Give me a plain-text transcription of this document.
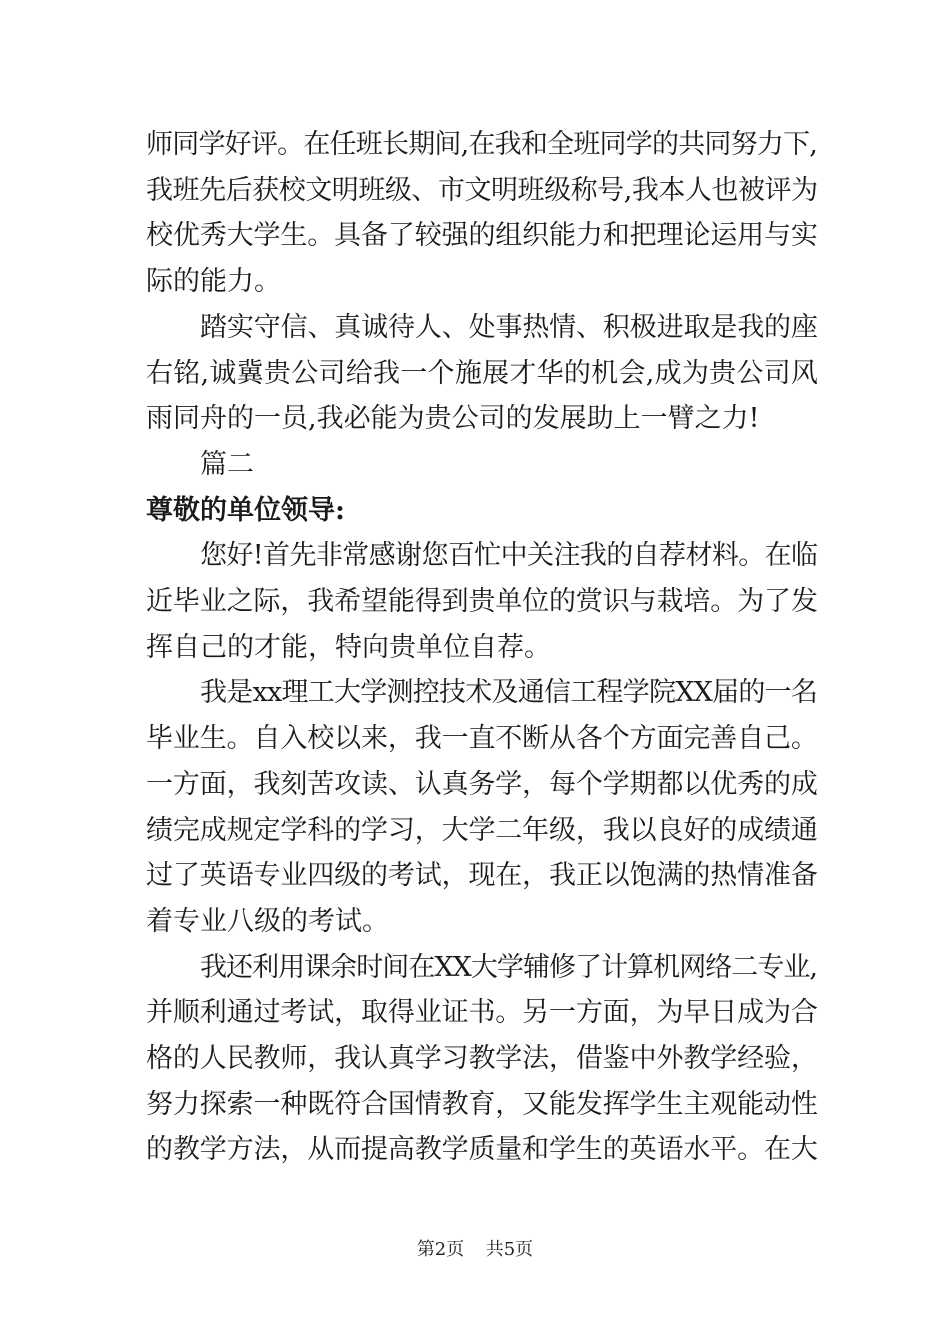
师同学好评。在任班长期间,在我和全班同学的共同努力下,
我班先后获校文明班级、市文明班级称号,我本人也被评为
校优秀大学生。具备了较强的组织能力和把理论运用与实
际的能力。
踏实守信、真诚待人、处事热情、积极进取是我的座
右铭,诚冀贵公司给我一个施展才华的机会,成为贵公司风
雨同舟的一员,我必能为贵公司的发展助上一臂之力!
篇二
尊敬的单位领导:
您好!首先非常感谢您百忙中关注我的自荐材料。在临
近毕业之际，我希望能得到贵单位的赏识与栽培。为了发
挥自己的才能，特向贵单位自荐。
我是xx理工大学测控技术及通信工程学院XX届的一名
毕业生。自入校以来，我一直不断从各个方面完善自己。
一方面，我刻苦攻读、认真务学，每个学期都以优秀的成
绩完成规定学科的学习，大学二年级，我以良好的成绩通
过了英语专业四级的考试，现在，我正以饱满的热情准备
着专业八级的考试。
我还利用课余时间在XX大学辅修了计算机网络二专业,
并顺利通过考试，取得业证书。另一方面，为早日成为合
格的人民教师，我认真学习教学法，借鉴中外教学经验，
努力探索一种既符合国情教育，又能发挥学生主观能动性
的教学方法，从而提高教学质量和学生的英语水平。在大
第2页 共5页
